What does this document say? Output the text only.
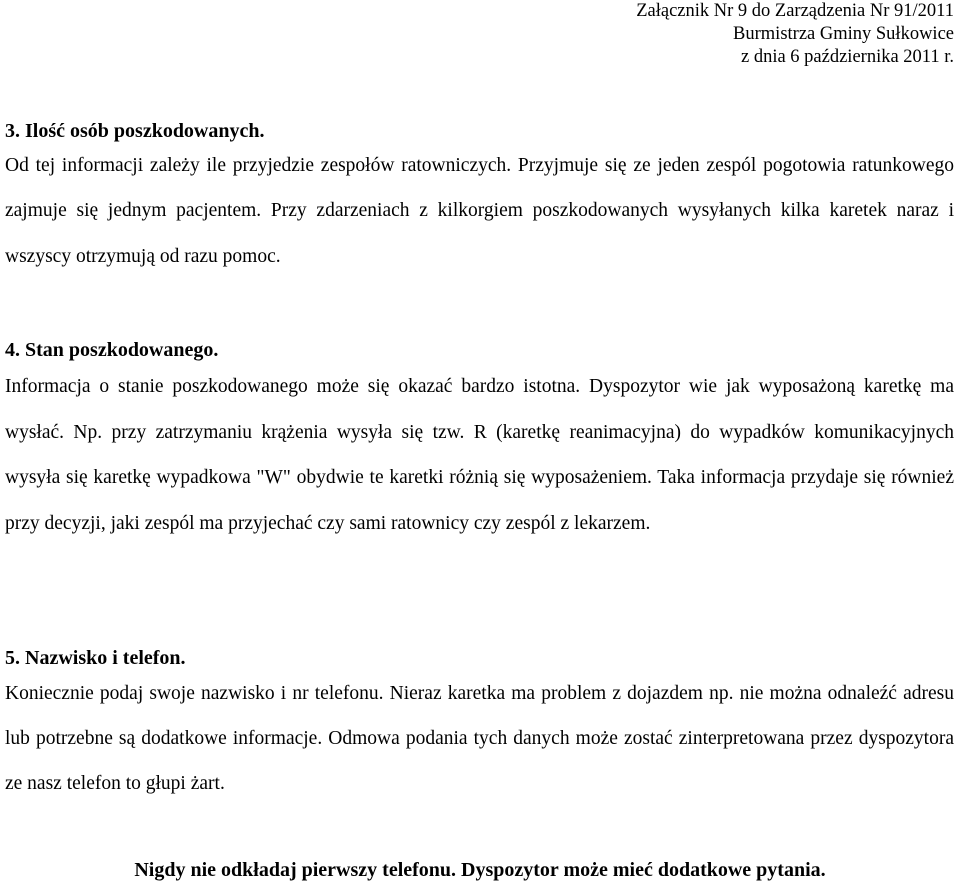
Załącznik Nr 9 do Zarządzenia Nr 91/2011
Burmistrza Gminy Sułkowice
z dnia 6 października 2011 r.
3. Ilość osób poszkodowanych.

Od tej informacji zależy ile przyjedzie zespołów ratowniczych. Przyjmuje się ze jeden zespól pogotowia ratunkowego zajmuje się jednym pacjentem. Przy zdarzeniach z kilkorgiem poszkodowanych wysyłanych kilka karetek naraz i wszyscy otrzymują od razu pomoc.

4. Stan poszkodowanego.

Informacja o stanie poszkodowanego może się okazać bardzo istotna. Dyspozytor wie jak wyposażoną karetkę ma wysłać. Np. przy zatrzymaniu krążenia wysyła się tzw. R (karetkę reanimacyjna) do wypadków komunikacyjnych wysyła się karetkę wypadkowa "W" obydwie te karetki różnią się wyposażeniem. Taka informacja przydaje się również przy decyzji, jaki zespól ma przyjechać czy sami ratownicy czy zespól z lekarzem.

5. Nazwisko i telefon.

Koniecznie podaj swoje nazwisko i nr telefonu. Nieraz karetka ma problem z dojazdem np. nie można odnaleźć adresu lub potrzebne są dodatkowe informacje. Odmowa podania tych danych może zostać zinterpretowana przez dyspozytora ze nasz telefon to głupi żart.

Nigdy nie odkładaj pierwszy telefonu. Dyspozytor może mieć dodatkowe pytania.
